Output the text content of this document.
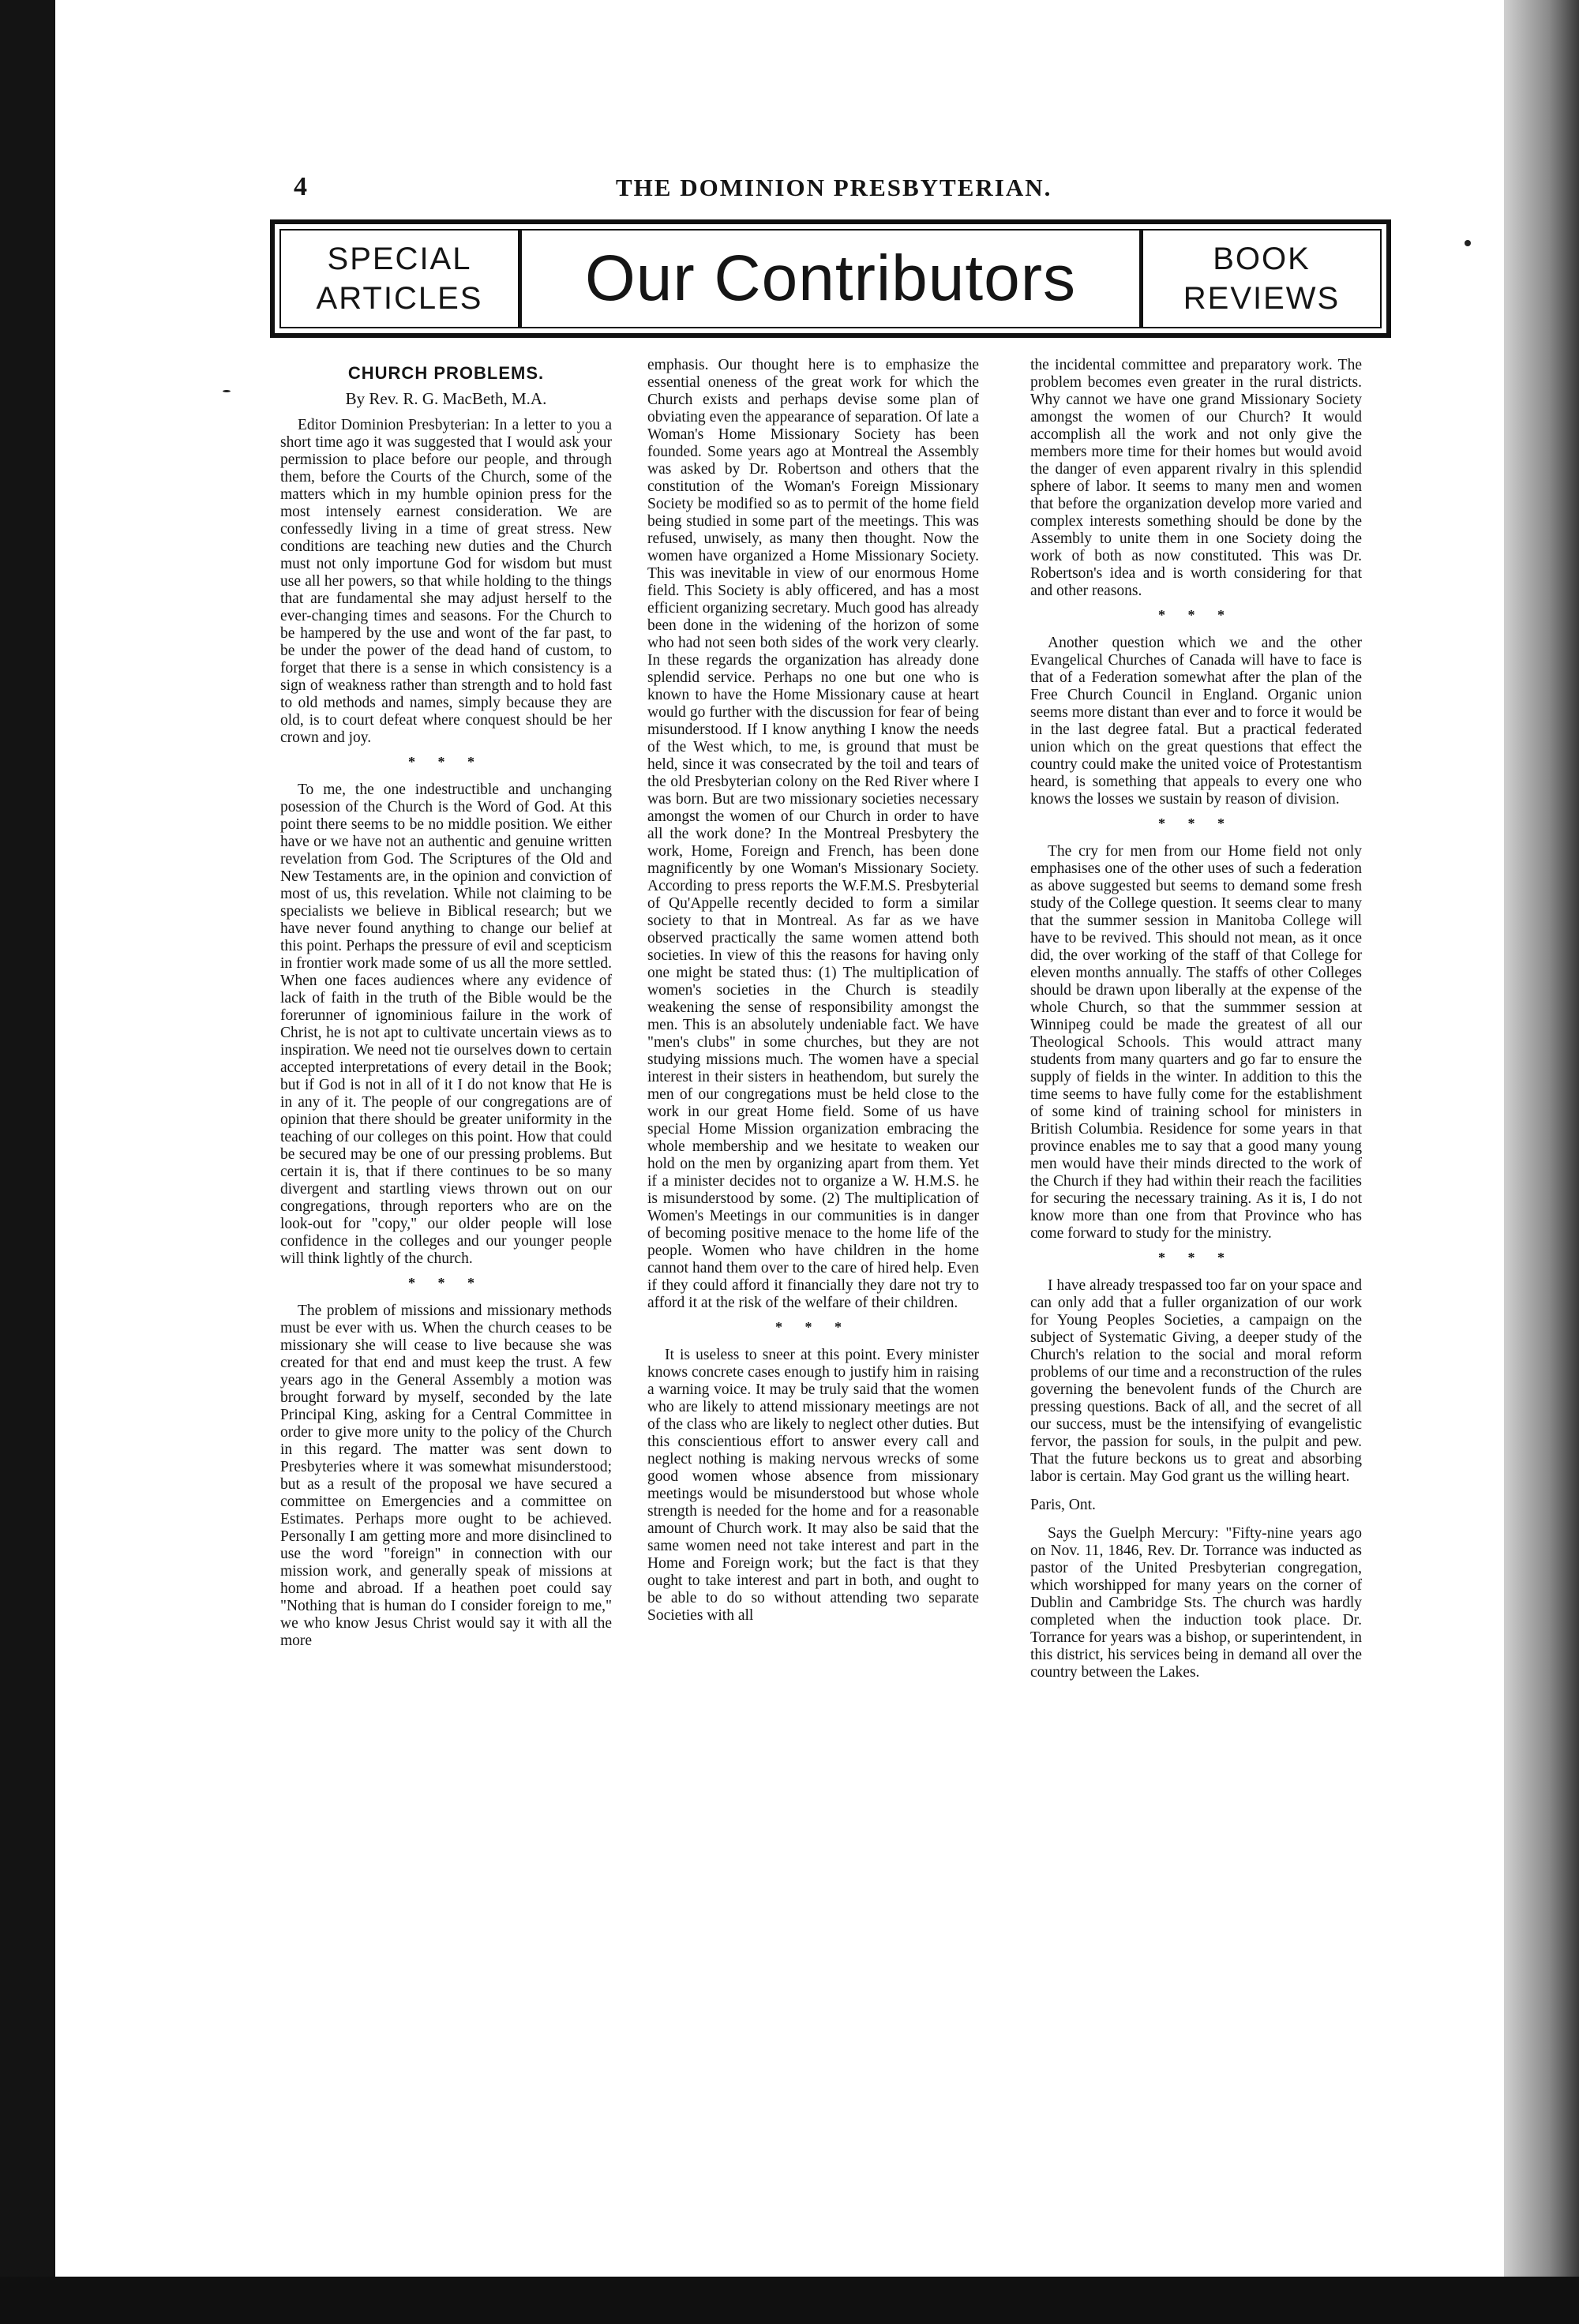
4	THE DOMINION PRESBYTERIAN.
SPECIAL
ARTICLES	Our Contributors	BOOK
REVIEWS
CHURCH PROBLEMS.
By Rev. R. G. MacBeth, M.A.

Editor Dominion Presbyterian: In a letter to you a short time ago it was suggested that I would ask your permission to place before our people, and through them, before the Courts of the Church, some of the matters which in my humble opinion press for the most intensely earnest consideration. We are confessedly living in a time of great stress. New conditions are teaching new duties and the Church must not only importune God for wisdom but must use all her powers, so that while holding to the things that are fundamental she may adjust herself to the ever-changing times and seasons. For the Church to be hampered by the use and wont of the far past, to be under the power of the dead hand of custom, to forget that there is a sense in which consistency is a sign of weakness rather than strength and to hold fast to old methods and names, simply because they are old, is to court defeat where conquest should be her crown and joy.

* * *

To me, the one indestructible and unchanging posession of the Church is the Word of God. At this point there seems to be no middle position. We either have or we have not an authentic and genuine written revelation from God. The Scriptures of the Old and New Testaments are, in the opinion and conviction of most of us, this revelation. While not claiming to be specialists we believe in Biblical research; but we have never found anything to change our belief at this point. Perhaps the pressure of evil and scepticism in frontier work made some of us all the more settled. When one faces audiences where any evidence of lack of faith in the truth of the Bible would be the forerunner of ignominious failure in the work of Christ, he is not apt to cultivate uncertain views as to inspiration. We need not tie ourselves down to certain accepted interpretations of every detail in the Book; but if God is not in all of it I do not know that He is in any of it. The people of our congregations are of opinion that there should be greater uniformity in the teaching of our colleges on this point. How that could be secured may be one of our pressing problems. But certain it is, that if there continues to be so many divergent and startling views thrown out on our congregations, through reporters who are on the look-out for "copy," our older people will lose confidence in the colleges and our younger people will think lightly of the church.

* * *

The problem of missions and missionary methods must be ever with us. When the church ceases to be missionary she will cease to live because she was created for that end and must keep the trust. A few years ago in the General Assembly a motion was brought forward by myself, seconded by the late Principal King, asking for a Central Committee in order to give more unity to the policy of the Church in this regard. The matter was sent down to Presbyteries where it was somewhat misunderstood; but as a result of the proposal we have secured a committee on Emergencies and a committee on Estimates. Perhaps more ought to be achieved. Personally I am getting more and more disinclined to use the word "foreign" in connection with our mission work, and generally speak of missions at home and abroad. If a heathen poet could say "Nothing that is human do I consider foreign to me," we who know Jesus Christ would say it with all the more

emphasis. Our thought here is to emphasize the essential oneness of the great work for which the Church exists and perhaps devise some plan of obviating even the appearance of separation. Of late a Woman's Home Missionary Society has been founded. Some years ago at Montreal the Assembly was asked by Dr. Robertson and others that the constitution of the Woman's Foreign Missionary Society be modified so as to permit of the home field being studied in some part of the meetings. This was refused, unwisely, as many then thought. Now the women have organized a Home Missionary Society. This was inevitable in view of our enormous Home field. This Society is ably officered, and has a most efficient organizing secretary. Much good has already been done in the widening of the horizon of some who had not seen both sides of the work very clearly. In these regards the organization has already done splendid service. Perhaps no one but one who is known to have the Home Missionary cause at heart would go further with the discussion for fear of being misunderstood. If I know anything I know the needs of the West which, to me, is ground that must be held, since it was consecrated by the toil and tears of the old Presbyterian colony on the Red River where I was born. But are two missionary societies necessary amongst the women of our Church in order to have all the work done? In the Montreal Presbytery the work, Home, Foreign and French, has been done magnificently by one Woman's Missionary Society. According to press reports the W.F.M.S. Presbyterial of Qu'Appelle recently decided to form a similar society to that in Montreal. As far as we have observed practically the same women attend both societies. In view of this the reasons for having only one might be stated thus: (1) The multiplication of women's societies in the Church is steadily weakening the sense of responsibility amongst the men. This is an absolutely undeniable fact. We have "men's clubs" in some churches, but they are not studying missions much. The women have a special interest in their sisters in heathendom, but surely the men of our congregations must be held close to the work in our great Home field. Some of us have special Home Mission organization embracing the whole membership and we hesitate to weaken our hold on the men by organizing apart from them. Yet if a minister decides not to organize a W. H.M.S. he is misunderstood by some. (2) The multiplication of Women's Meetings in our communities is in danger of becoming positive menace to the home life of the people. Women who have children in the home cannot hand them over to the care of hired help. Even if they could afford it financially they dare not try to afford it at the risk of the welfare of their children.

* * *

It is useless to sneer at this point. Every minister knows concrete cases enough to justify him in raising a warning voice. It may be truly said that the women who are likely to attend missionary meetings are not of the class who are likely to neglect other duties. But this conscientious effort to answer every call and neglect nothing is making nervous wrecks of some good women whose absence from missionary meetings would be misunderstood but whose whole strength is needed for the home and for a reasonable amount of Church work. It may also be said that the same women need not take interest and part in the Home and Foreign work; but the fact is that they ought to take interest and part in both, and ought to be able to do so without attending two separate Societies with all

the incidental committee and preparatory work. The problem becomes even greater in the rural districts. Why cannot we have one grand Missionary Society amongst the women of our Church? It would accomplish all the work and not only give the members more time for their homes but would avoid the danger of even apparent rivalry in this splendid sphere of labor. It seems to many men and women that before the organization develop more varied and complex interests something should be done by the Assembly to unite them in one Society doing the work of both as now constituted. This was Dr. Robertson's idea and is worth considering for that and other reasons.

* * *

Another question which we and the other Evangelical Churches of Canada will have to face is that of a Federation somewhat after the plan of the Free Church Council in England. Organic union seems more distant than ever and to force it would be in the last degree fatal. But a practical federated union which on the great questions that effect the country could make the united voice of Protestantism heard, is something that appeals to every one who knows the losses we sustain by reason of division.

* * *

The cry for men from our Home field not only emphasises one of the other uses of such a federation as above suggested but seems to demand some fresh study of the College question. It seems clear to many that the summer session in Manitoba College will have to be revived. This should not mean, as it once did, the over working of the staff of that College for eleven months annually. The staffs of other Colleges should be drawn upon liberally at the expense of the whole Church, so that the summmer session at Winnipeg could be made the greatest of all our Theological Schools. This would attract many students from many quarters and go far to ensure the supply of fields in the winter. In addition to this the time seems to have fully come for the establishment of some kind of training school for ministers in British Columbia. Residence for some years in that province enables me to say that a good many young men would have their minds directed to the work of the Church if they had within their reach the facilities for securing the necessary training. As it is, I do not know more than one from that Province who has come forward to study for the ministry.

* * *

I have already trespassed too far on your space and can only add that a fuller organization of our work for Young Peoples Societies, a campaign on the subject of Systematic Giving, a deeper study of the Church's relation to the social and moral reform problems of our time and a reconstruction of the rules governing the benevolent funds of the Church are pressing questions. Back of all, and the secret of all our success, must be the intensifying of evangelistic fervor, the passion for souls, in the pulpit and pew. That the future beckons us to great and absorbing labor is certain. May God grant us the willing heart.

Paris, Ont.

Says the Guelph Mercury: "Fifty-nine years ago on Nov. 11, 1846, Rev. Dr. Torrance was inducted as pastor of the United Presbyterian congregation, which worshipped for many years on the corner of Dublin and Cambridge Sts. The church was hardly completed when the induction took place. Dr. Torrance for years was a bishop, or superintendent, in this district, his services being in demand all over the country between the Lakes.
